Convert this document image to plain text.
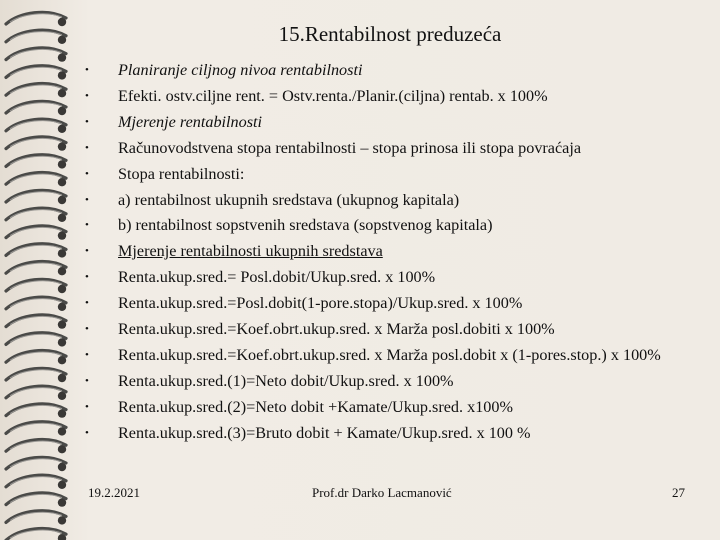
15.Rentabilnost preduzeća
• Planiranje ciljnog nivoa rentabilnosti
• Efekti. ostv.ciljne rent. = Ostv.renta./Planir.(ciljna) rentab. x 100%
• Mjerenje rentabilnosti
• Računovodstvena stopa rentabilnosti – stopa prinosa ili stopa povraćaja
• Stopa rentabilnosti:
• a) rentabilnost ukupnih sredstava (ukupnog kapitala)
• b) rentabilnost sopstvenih sredstava (sopstvenog kapitala)
• Mjerenje rentabilnosti ukupnih sredstava
• Renta.ukup.sred.= Posl.dobit/Ukup.sred. x 100%
• Renta.ukup.sred.=Posl.dobit(1-pore.stopa)/Ukup.sred. x 100%
• Renta.ukup.sred.=Koef.obrt.ukup.sred. x Marža posl.dobiti x 100%
• Renta.ukup.sred.=Koef.obrt.ukup.sred. x Marža posl.dobit x (1-pores.stop.) x 100%
• Renta.ukup.sred.(1)=Neto dobit/Ukup.sred. x 100%
• Renta.ukup.sred.(2)=Neto dobit +Kamate/Ukup.sred. x100%
• Renta.ukup.sred.(3)=Bruto dobit + Kamate/Ukup.sred. x 100 %
19.2.2021	Prof.dr Darko Lacmanović	27
